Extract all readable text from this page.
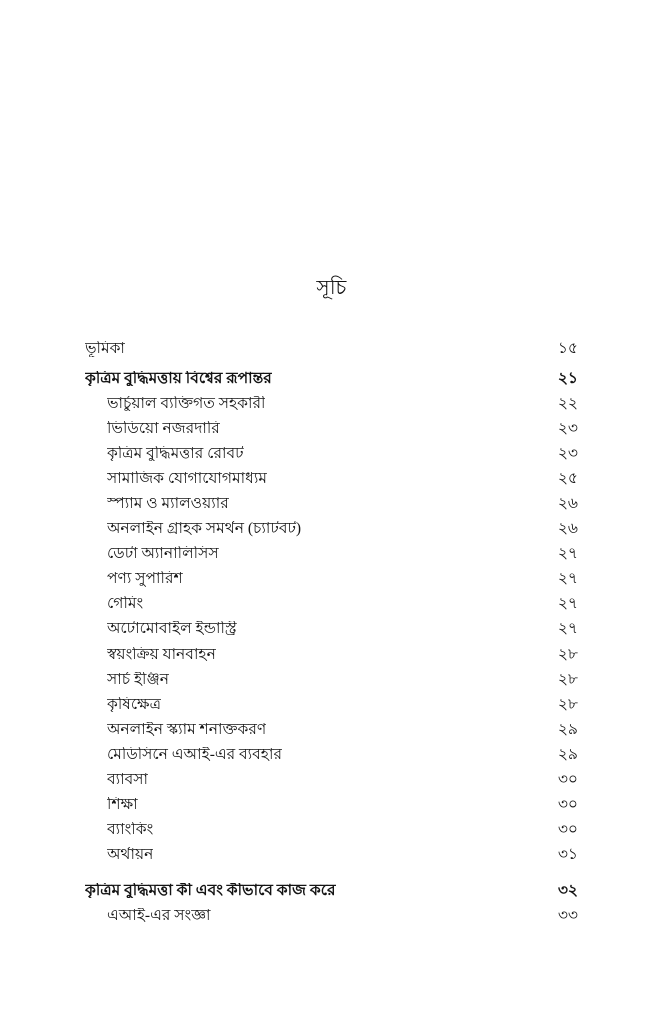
সূচি
ভূমিকা	১৫
কৃত্রিম বুদ্ধিমত্তায় বিশ্বের রূপান্তর	২১
ভার্চুয়াল ব্যক্তিগত সহকারী	২২
ভিডিয়ো নজরদারি	২৩
কৃত্রিম বুদ্ধিমত্তার রোবট	২৩
সামাজিক যোগাযোগমাধ্যম	২৫
স্প্যাম ও ম্যালওয়্যার	২৬
অনলাইন গ্রাহক সমর্থন (চ্যাটবট)	২৬
ডেটা অ্যানালিসিস	২৭
পণ্য সুপারিশ	২৭
গেমিং	২৭
অটোমোবাইল ইন্ডাস্ট্রি	২৭
স্বয়ংক্রিয় যানবাহন	২৮
সার্চ ইঞ্জিন	২৮
কৃষিক্ষেত্র	২৮
অনলাইন স্ক্যাম শনাক্তকরণ	২৯
মেডিসিনে এআই-এর ব্যবহার	২৯
ব্যাবসা	৩০
শিক্ষা	৩০
ব্যাংকিং	৩০
অর্থায়ন	৩১
কৃত্রিম বুদ্ধিমত্তা কী এবং কীভাবে কাজ করে	৩২
এআই-এর সংজ্ঞা	৩৩
